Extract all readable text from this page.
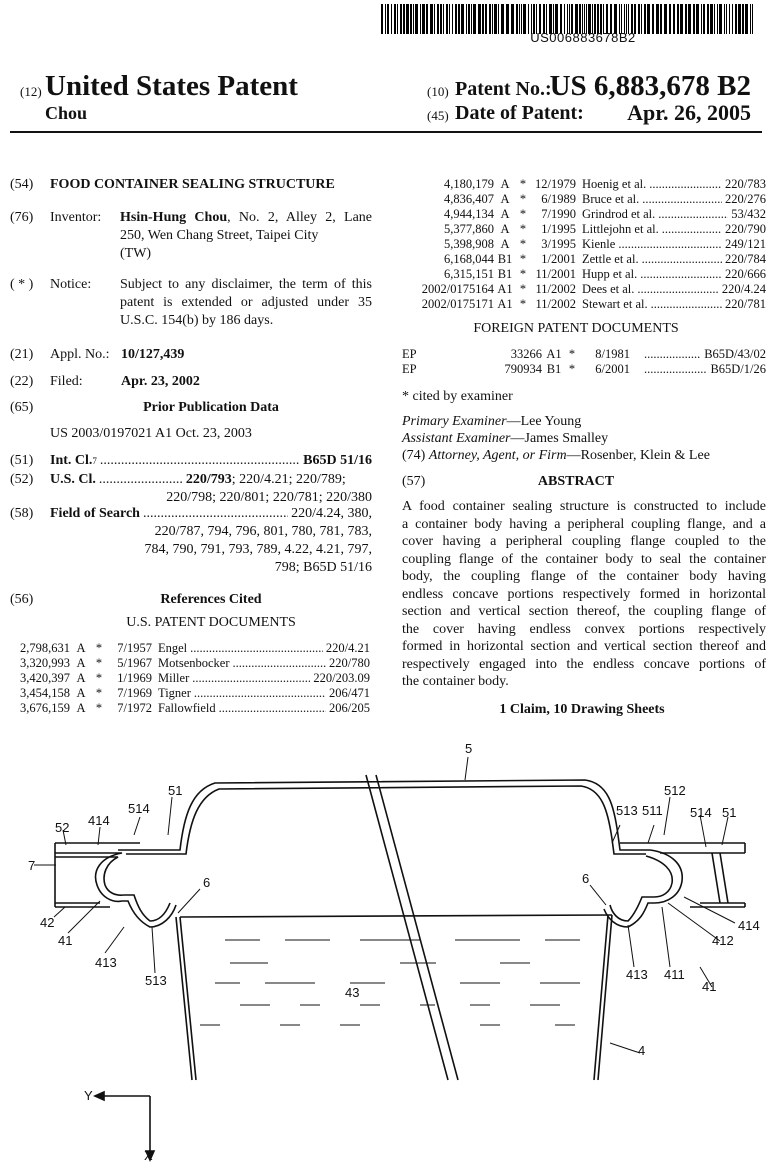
US006883678B2
(12) United States Patent
Chou
(10) Patent No.:
US 6,883,678 B2
(45) Date of Patent: Apr. 26, 2005
(54) FOOD CONTAINER SEALING STRUCTURE
(76) Inventor: Hsin-Hung Chou, No. 2, Alley 2, Lane
250, Wen Chang Street, Taipei City
(TW)
( * ) Notice: Subject to any disclaimer, the term of this
patent is extended or adjusted under 35
U.S.C. 154(b) by 186 days.
(21) Appl. No.: 10/127,439
(22) Filed:	Apr. 23, 2002
(65)	Prior Publication Data
US 2003/0197021 A1 Oct. 23, 2003
(51) Int. Cl. 7 .....	B65D 51/16
(52) U.S. Cl. .....	220/793 ; 220/4.21; 220/789;
220/798; 220/801; 220/781; 220/380
(58) Field of Search .....	220/4.24, 380,
220/787, 794, 796, 801, 780, 781, 783,
784, 790, 791, 793, 789, 4.22, 4.21, 797,
798; B65D 51/16
(56)	References Cited
U.S. PATENT DOCUMENTS
FOREIGN PATENT DOCUMENTS
* cited by examiner
Primary Examiner—Lee Young
Assistant Examiner—James Smalley
(74) Attorney, Agent, or Firm—Rosenber, Klein & Lee
(57)	ABSTRACT
A food container sealing structure is constructed to include
a container body having a peripheral coupling flange, and a
cover having a peripheral coupling flange coupled to the
coupling flange of the container body to seal the container
body, the coupling flange of the container body having
endless concave portions respectively formed in horizontal
section and vertical section thereof, the coupling flange of
the cover having endless convex portions respectively
formed in horizontal section and vertical section thereof and
respectively engaged into the endless concave portions of
the container body.
1 Claim, 10 Drawing Sheets
5
51
514
414
52
7
6
42
41
413
513
43
512
513 511 514 51
6
414
412
413 411
41
4
Y
X
2,798,631 A *	7/1957 Engel .....	220/4.21
3,320,993 A *	5/1967 Motsenbocker .....	220/780
3,420,397 A *	1/1969 Miller .....	220/203.09
3,454,158 A *	7/1969 Tigner .....	206/471
3,676,159 A *	7/1972 Fallowfield .....	206/205
4,180,179 A * 12/1979 Hoenig et al. .....	220/783
4,836,407 A *	6/1989 Bruce et al. .....	220/276
4,944,134 A *	7/1990 Grindrod et al. .....	53/432
5,377,860 A *	1/1995 Littlejohn et al. .....	220/790
5,398,908 A *	3/1995 Kienle .....	249/121
6,168,044 B1 *	1/2001 Zettle et al. .....	220/784
6,315,151 B1 * 11/2001 Hupp et al. .....	220/666
2002/0175164 A1 * 11/2002 Dees et al. .....	220/4.24
2002/0175171 A1 * 11/2002 Stewart et al. .....	220/781
EP	33266 A1 *	8/1981 .....	B65D/43/02
EP	790934 B1 *	6/2001 .....	B65D/1/26
